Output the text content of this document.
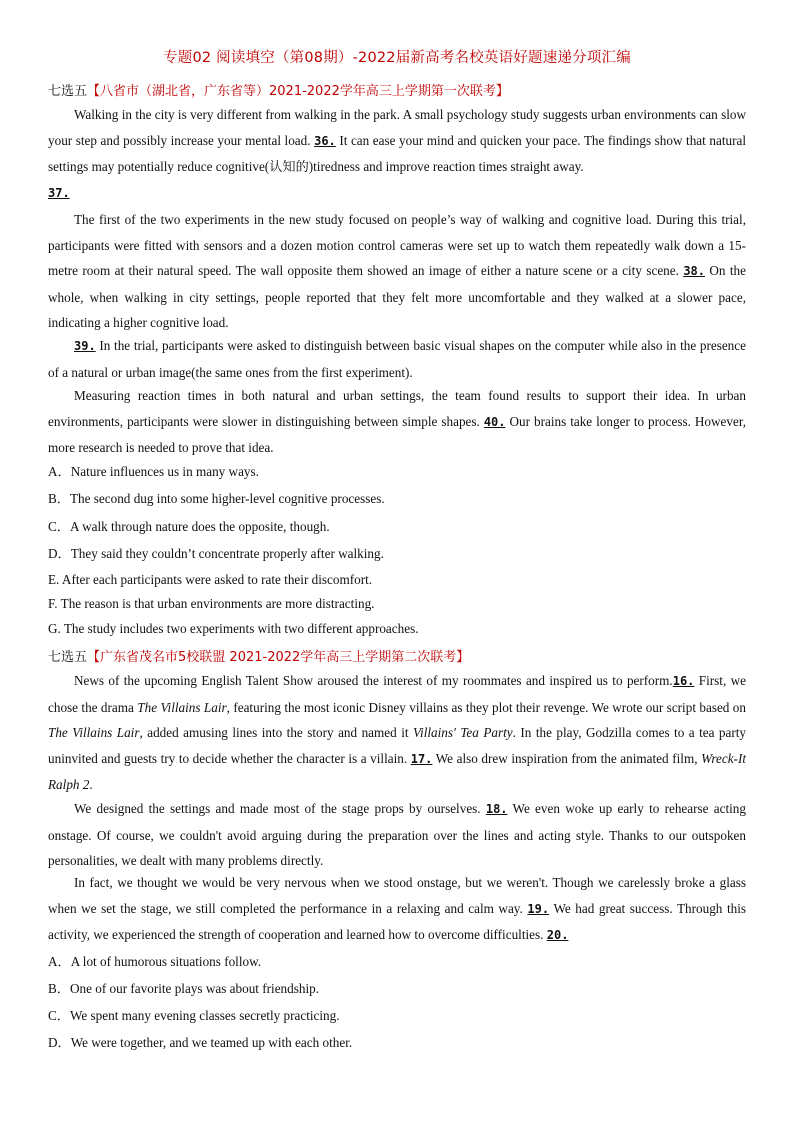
专题02 阅读填空（第08期）-2022届新高考名校英语好题速递分项汇编
七选五【八省市（湖北省，广东省等）2021-2022学年高三上学期第一次联考】
Walking in the city is very different from walking in the park. A small psychology study suggests urban environments can slow your step and possibly increase your mental load. 36. It can ease your mind and quicken your pace. The findings show that natural settings may potentially reduce cognitive(认知的)tiredness and improve reaction times straight away.
37.
The first of the two experiments in the new study focused on people’s way of walking and cognitive load. During this trial, participants were fitted with sensors and a dozen motion control cameras were set up to watch them repeatedly walk down a 15-metre room at their natural speed. The wall opposite them showed an image of either a nature scene or a city scene. 38. On the whole, when walking in city settings, people reported that they felt more uncomfortable and they walked at a slower pace, indicating a higher cognitive load.
39. In the trial, participants were asked to distinguish between basic visual shapes on the computer while also in the presence of a natural or urban image(the same ones from the first experiment).
Measuring reaction times in both natural and urban settings, the team found results to support their idea. In urban environments, participants were slower in distinguishing between simple shapes. 40. Our brains take longer to process. However, more research is needed to prove that idea.
A．Nature influences us in many ways.
B．The second dug into some higher-level cognitive processes.
C．A walk through nature does the opposite, though.
D．They said they couldn’t concentrate properly after walking.
E. After each participants were asked to rate their discomfort.
F. The reason is that urban environments are more distracting.
G. The study includes two experiments with two different approaches.
七选五【广东省茂名市5校联盟 2021-2022学年高三上学期第二次联考】
News of the upcoming English Talent Show aroused the interest of my roommates and inspired us to perform.16. First, we chose the drama The Villains Lair, featuring the most iconic Disney villains as they plot their revenge. We wrote our script based on The Villains Lair, added amusing lines into the story and named it Villains' Tea Party. In the play, Godzilla comes to a tea party uninvited and guests try to decide whether the character is a villain. 17. We also drew inspiration from the animated film, Wreck-It Ralph 2.
We designed the settings and made most of the stage props by ourselves. 18. We even woke up early to rehearse acting onstage. Of course, we couldn't avoid arguing during the preparation over the lines and acting style. Thanks to our outspoken personalities, we dealt with many problems directly.
In fact, we thought we would be very nervous when we stood onstage, but we weren't. Though we carelessly broke a glass when we set the stage, we still completed the performance in a relaxing and calm way. 19. We had great success. Through this activity, we experienced the strength of cooperation and learned how to overcome difficulties. 20.
A．A lot of humorous situations follow.
B．One of our favorite plays was about friendship.
C．We spent many evening classes secretly practicing.
D．We were together, and we teamed up with each other.
